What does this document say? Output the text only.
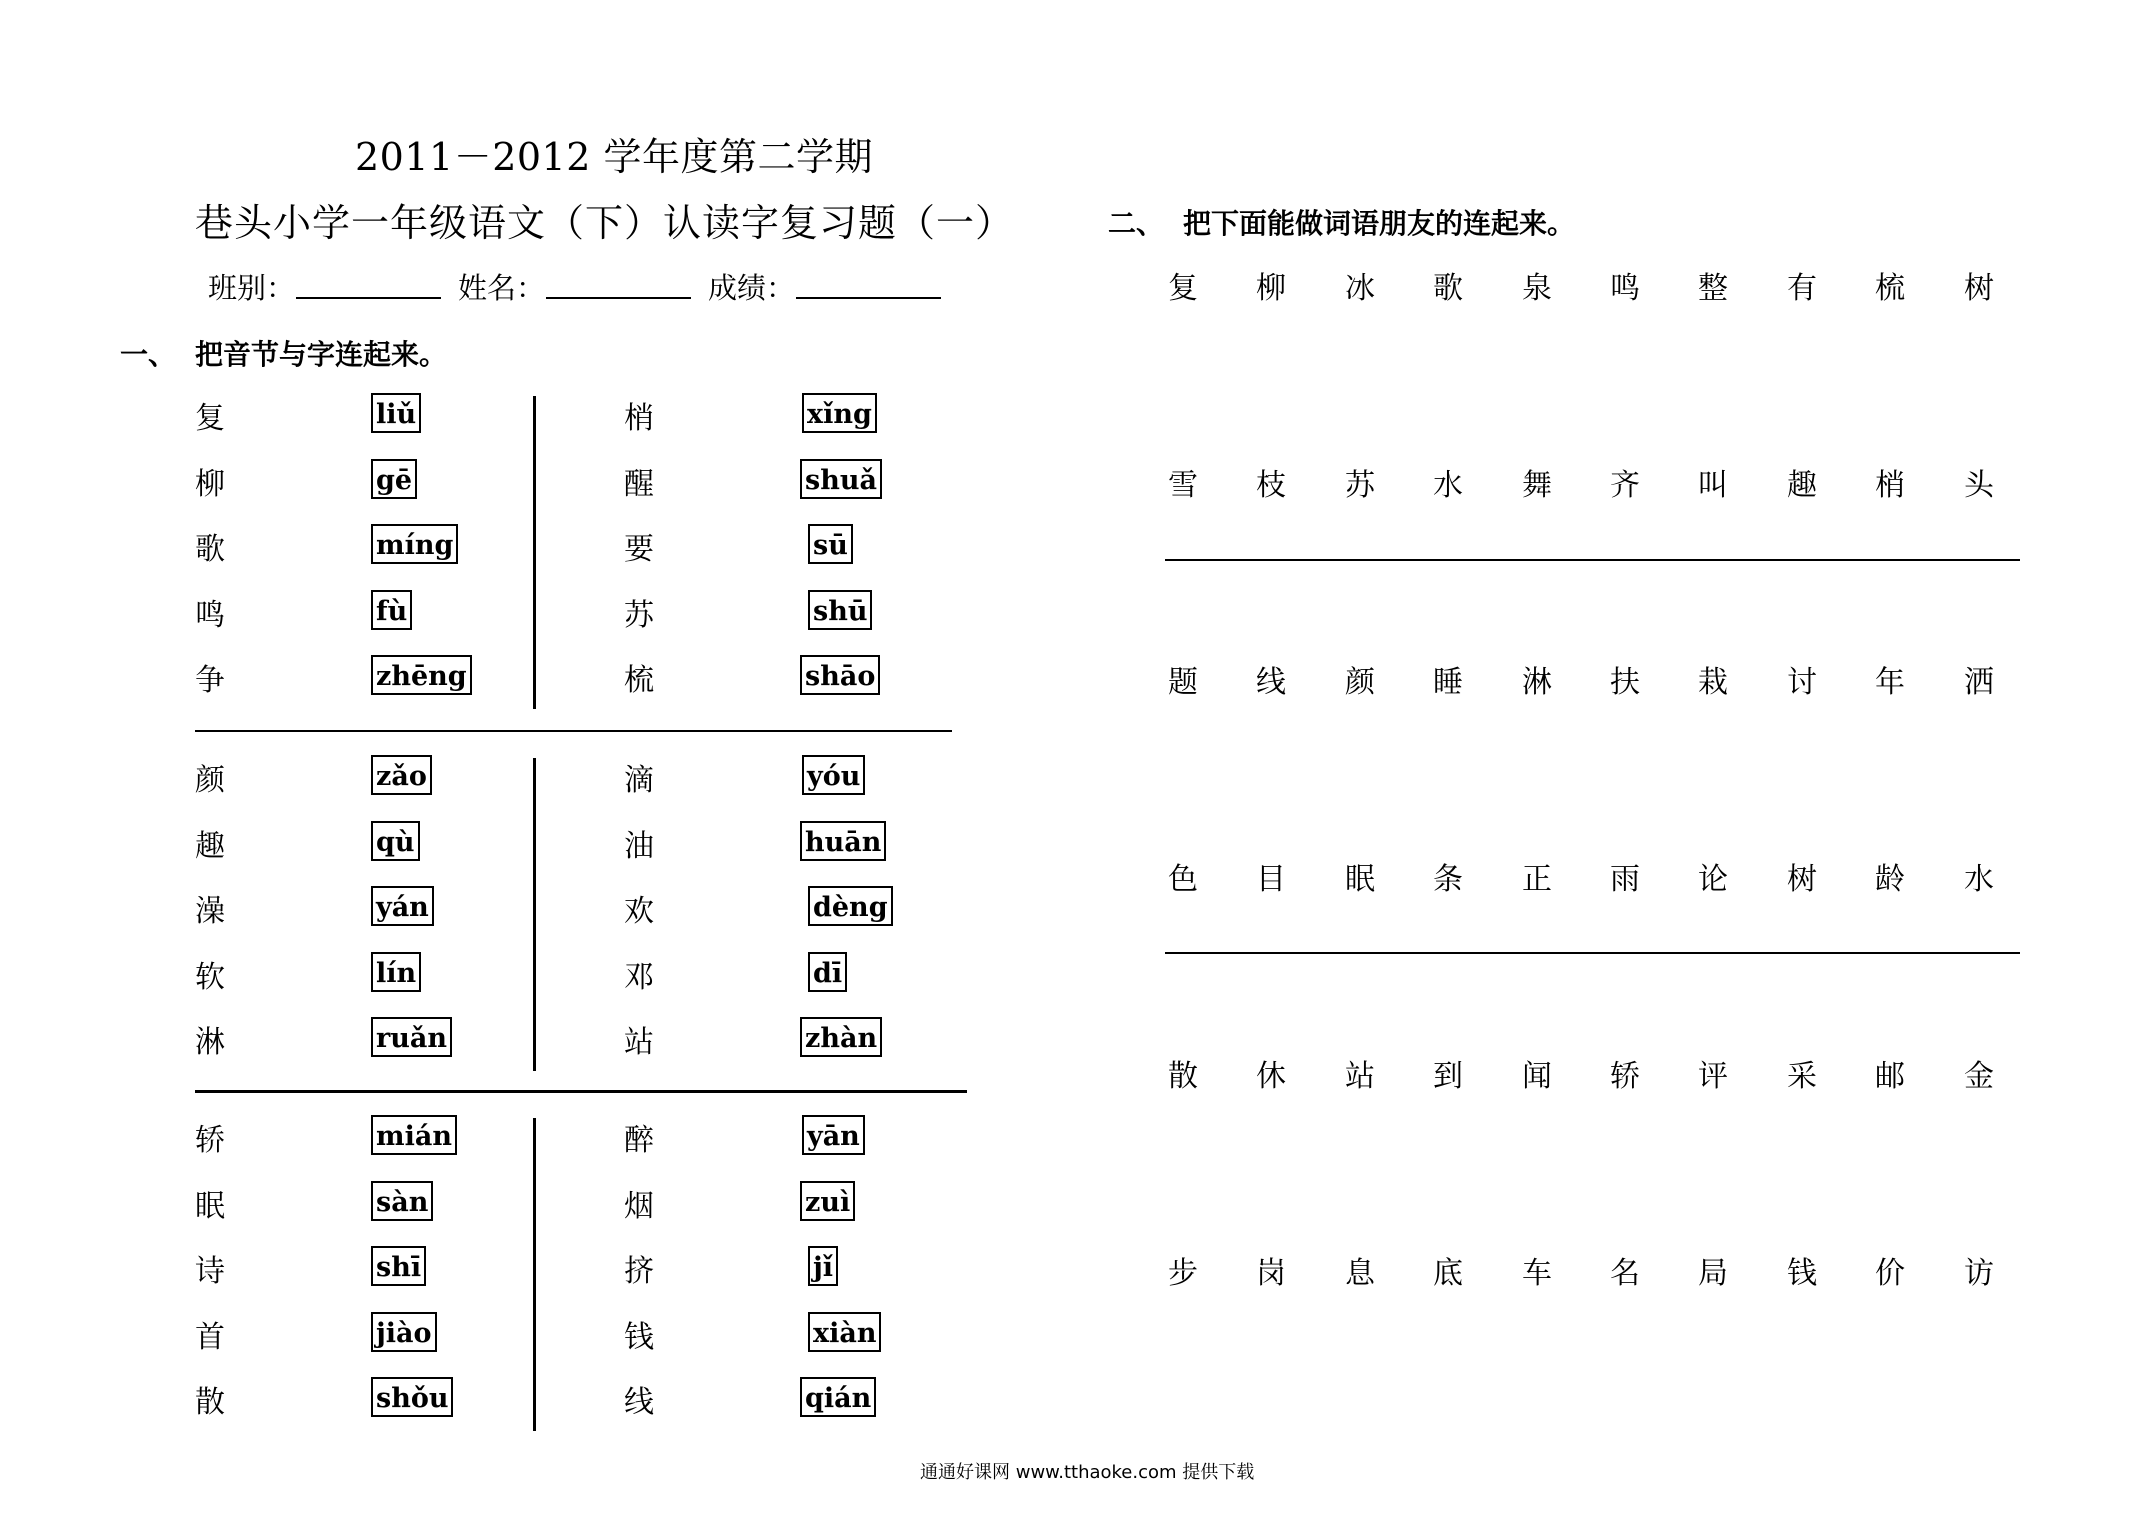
2011－2012 学年度第二学期
巷头小学一年级语文（下）认读字复习题（一）
班别：	姓名：	成绩：
一、 把音节与字连起来。
复	liǔ	梢	xǐng
柳	gē	醒	shuǎ
歌	míng	要	sū
鸣	fù	苏	shū
争	zhēng	梳	shāo
颜	zǎo	滴	yóu
趣	qù	油	huān
澡	yán	欢	dèng
软	lín	邓	dī
淋	ruǎn	站	zhàn
轿	mián	醉	yān
眠	sàn	烟	zuì
诗	shī	挤	jǐ
首	jiào	钱	xiàn
散	shǒu	线	qián
二、 把下面能做词语朋友的连起来。
复 柳 冰 歌 泉 鸣 整 有 梳 树
雪 枝 苏 水 舞 齐 叫 趣 梢 头
题 线 颜 睡 淋 扶 栽 讨 年 洒
色 目 眠 条 正 雨 论 树 龄 水
散 休 站 到 闻 轿 评 采 邮 金
步 岗 息 底 车 名 局 钱 价 访
通通好课网 www.tthaoke.com 提供下载
